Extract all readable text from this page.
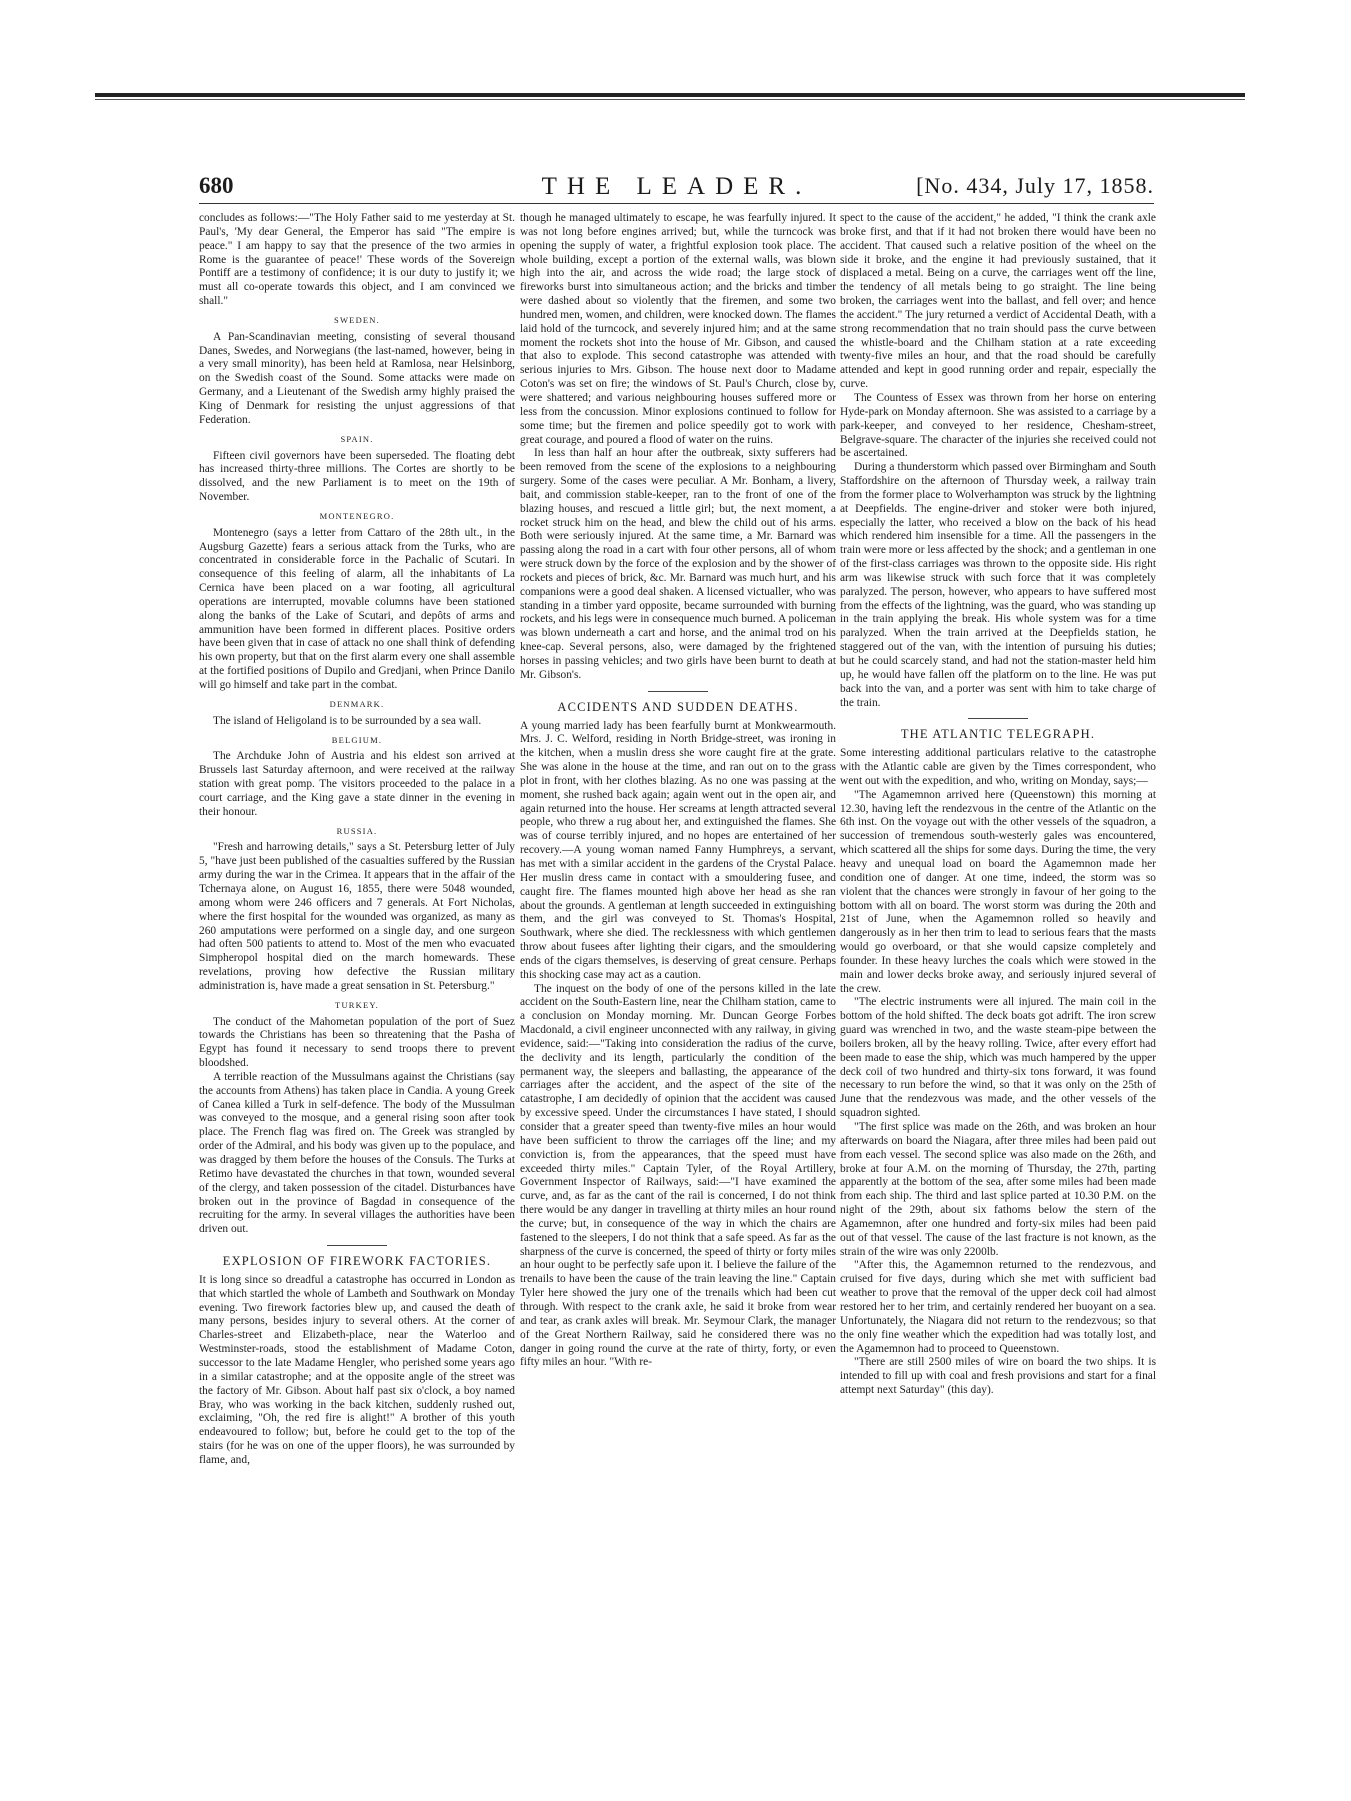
680	THE LEADER.	[No. 434, July 17, 1858.

concludes as follows:—"The Holy Father said to me yesterday at St. Paul's, 'My dear General, the Emperor has said "The empire is peace." I am happy to say that the presence of the two armies in Rome is the guarantee of peace!' These words of the Sovereign Pontiff are a testimony of confidence; it is our duty to justify it; we must all co-operate towards this object, and I am convinced we shall."

SWEDEN.

A Pan-Scandinavian meeting, consisting of several thousand Danes, Swedes, and Norwegians (the last-named, however, being in a very small minority), has been held at Ramlosa, near Helsinborg, on the Swedish coast of the Sound. Some attacks were made on Germany, and a Lieutenant of the Swedish army highly praised the King of Denmark for resisting the unjust aggressions of that Federation.

SPAIN.

Fifteen civil governors have been superseded. The floating debt has increased thirty-three millions. The Cortes are shortly to be dissolved, and the new Parliament is to meet on the 19th of November.

MONTENEGRO.

Montenegro (says a letter from Cattaro of the 28th ult., in the Augsburg Gazette) fears a serious attack from the Turks, who are concentrated in considerable force in the Pachalic of Scutari. In consequence of this feeling of alarm, all the inhabitants of La Cernica have been placed on a war footing, all agricultural operations are interrupted, movable columns have been stationed along the banks of the Lake of Scutari, and depôts of arms and ammunition have been formed in different places. Positive orders have been given that in case of attack no one shall think of defending his own property, but that on the first alarm every one shall assemble at the fortified positions of Dupilo and Gredjani, when Prince Danilo will go himself and take part in the combat.

DENMARK.

The island of Heligoland is to be surrounded by a sea wall.

BELGIUM.

The Archduke John of Austria and his eldest son arrived at Brussels last Saturday afternoon, and were received at the railway station with great pomp. The visitors proceeded to the palace in a court carriage, and the King gave a state dinner in the evening in their honour.

RUSSIA.

"Fresh and harrowing details," says a St. Petersburg letter of July 5, "have just been published of the casualties suffered by the Russian army during the war in the Crimea. It appears that in the affair of the Tchernaya alone, on August 16, 1855, there were 5048 wounded, among whom were 246 officers and 7 generals. At Fort Nicholas, where the first hospital for the wounded was organized, as many as 260 amputations were performed on a single day, and one surgeon had often 500 patients to attend to. Most of the men who evacuated Simpheropol hospital died on the march homewards. These revelations, proving how defective the Russian military administration is, have made a great sensation in St. Petersburg."

TURKEY.

The conduct of the Mahometan population of the port of Suez towards the Christians has been so threatening that the Pasha of Egypt has found it necessary to send troops there to prevent bloodshed.

A terrible reaction of the Mussulmans against the Christians (say the accounts from Athens) has taken place in Candia. A young Greek of Canea killed a Turk in self-defence. The body of the Mussulman was conveyed to the mosque, and a general rising soon after took place. The French flag was fired on. The Greek was strangled by order of the Admiral, and his body was given up to the populace, and was dragged by them before the houses of the Consuls. The Turks at Retimo have devastated the churches in that town, wounded several of the clergy, and taken possession of the citadel. Disturbances have broken out in the province of Bagdad in consequence of the recruiting for the army. In several villages the authorities have been driven out.

EXPLOSION OF FIREWORK FACTORIES.

It is long since so dreadful a catastrophe has occurred in London as that which startled the whole of Lambeth and Southwark on Monday evening. Two firework factories blew up, and caused the death of many persons, besides injury to several others. At the corner of Charles-street and Elizabeth-place, near the Waterloo and Westminster-roads, stood the establishment of Madame Coton, successor to the late Madame Hengler, who perished some years ago in a similar catastrophe; and at the opposite angle of the street was the factory of Mr. Gibson. About half past six o'clock, a boy named Bray, who was working in the back kitchen, suddenly rushed out, exclaiming, "Oh, the red fire is alight!" A brother of this youth endeavoured to follow; but, before he could get to the top of the stairs (for he was on one of the upper floors), he was surrounded by flame, and,

though he managed ultimately to escape, he was fearfully injured. It was not long before engines arrived; but, while the turncock was opening the supply of water, a frightful explosion took place. The whole building, except a portion of the external walls, was blown high into the air, and across the wide road; the large stock of fireworks burst into simultaneous action; and the bricks and timber were dashed about so violently that the firemen, and some two hundred men, women, and children, were knocked down. The flames laid hold of the turncock, and severely injured him; and at the same moment the rockets shot into the house of Mr. Gibson, and caused that also to explode. This second catastrophe was attended with serious injuries to Mrs. Gibson. The house next door to Madame Coton's was set on fire; the windows of St. Paul's Church, close by, were shattered; and various neighbouring houses suffered more or less from the concussion. Minor explosions continued to follow for some time; but the firemen and police speedily got to work with great courage, and poured a flood of water on the ruins.

In less than half an hour after the outbreak, sixty sufferers had been removed from the scene of the explosions to a neighbouring surgery. Some of the cases were peculiar. A Mr. Bonham, a livery, bait, and commission stable-keeper, ran to the front of one of the blazing houses, and rescued a little girl; but, the next moment, a rocket struck him on the head, and blew the child out of his arms. Both were seriously injured. At the same time, a Mr. Barnard was passing along the road in a cart with four other persons, all of whom were struck down by the force of the explosion and by the shower of rockets and pieces of brick, &c. Mr. Barnard was much hurt, and his companions were a good deal shaken. A licensed victualler, who was standing in a timber yard opposite, became surrounded with burning rockets, and his legs were in consequence much burned. A policeman was blown underneath a cart and horse, and the animal trod on his knee-cap. Several persons, also, were damaged by the frightened horses in passing vehicles; and two girls have been burnt to death at Mr. Gibson's.

ACCIDENTS AND SUDDEN DEATHS.

A young married lady has been fearfully burnt at Monkwearmouth. Mrs. J. C. Welford, residing in North Bridge-street, was ironing in the kitchen, when a muslin dress she wore caught fire at the grate. She was alone in the house at the time, and ran out on to the grass plot in front, with her clothes blazing. As no one was passing at the moment, she rushed back again; again went out in the open air, and again returned into the house. Her screams at length attracted several people, who threw a rug about her, and extinguished the flames. She was of course terribly injured, and no hopes are entertained of her recovery.—A young woman named Fanny Humphreys, a servant, has met with a similar accident in the gardens of the Crystal Palace. Her muslin dress came in contact with a smouldering fusee, and caught fire. The flames mounted high above her head as she ran about the grounds. A gentleman at length succeeded in extinguishing them, and the girl was conveyed to St. Thomas's Hospital, Southwark, where she died. The recklessness with which gentlemen throw about fusees after lighting their cigars, and the smouldering ends of the cigars themselves, is deserving of great censure. Perhaps this shocking case may act as a caution.

The inquest on the body of one of the persons killed in the late accident on the South-Eastern line, near the Chilham station, came to a conclusion on Monday morning. Mr. Duncan George Forbes Macdonald, a civil engineer unconnected with any railway, in giving evidence, said:—"Taking into consideration the radius of the curve, the declivity and its length, particularly the condition of the permanent way, the sleepers and ballasting, the appearance of the carriages after the accident, and the aspect of the site of the catastrophe, I am decidedly of opinion that the accident was caused by excessive speed. Under the circumstances I have stated, I should consider that a greater speed than twenty-five miles an hour would have been sufficient to throw the carriages off the line; and my conviction is, from the appearances, that the speed must have exceeded thirty miles." Captain Tyler, of the Royal Artillery, Government Inspector of Railways, said:—"I have examined the curve, and, as far as the cant of the rail is concerned, I do not think there would be any danger in travelling at thirty miles an hour round the curve; but, in consequence of the way in which the chairs are fastened to the sleepers, I do not think that a safe speed. As far as the sharpness of the curve is concerned, the speed of thirty or forty miles an hour ought to be perfectly safe upon it. I believe the failure of the trenails to have been the cause of the train leaving the line." Captain Tyler here showed the jury one of the trenails which had been cut through. With respect to the crank axle, he said it broke from wear and tear, as crank axles will break. Mr. Seymour Clark, the manager of the Great Northern Railway, said he considered there was no danger in going round the curve at the rate of thirty, forty, or even fifty miles an hour. "With re-

spect to the cause of the accident," he added, "I think the crank axle broke first, and that if it had not broken there would have been no accident. That caused such a relative position of the wheel on the side it broke, and the engine it had previously sustained, that it displaced a metal. Being on a curve, the carriages went off the line, the tendency of all metals being to go straight. The line being broken, the carriages went into the ballast, and fell over; and hence the accident." The jury returned a verdict of Accidental Death, with a strong recommendation that no train should pass the curve between the whistle-board and the Chilham station at a rate exceeding twenty-five miles an hour, and that the road should be carefully attended and kept in good running order and repair, especially the curve.

The Countess of Essex was thrown from her horse on entering Hyde-park on Monday afternoon. She was assisted to a carriage by a park-keeper, and conveyed to her residence, Chesham-street, Belgrave-square. The character of the injuries she received could not be ascertained.

During a thunderstorm which passed over Birmingham and South Staffordshire on the afternoon of Thursday week, a railway train from the former place to Wolverhampton was struck by the lightning at Deepfields. The engine-driver and stoker were both injured, especially the latter, who received a blow on the back of his head which rendered him insensible for a time. All the passengers in the train were more or less affected by the shock; and a gentleman in one of the first-class carriages was thrown to the opposite side. His right arm was likewise struck with such force that it was completely paralyzed. The person, however, who appears to have suffered most from the effects of the lightning, was the guard, who was standing up in the train applying the break. His whole system was for a time paralyzed. When the train arrived at the Deepfields station, he staggered out of the van, with the intention of pursuing his duties; but he could scarcely stand, and had not the station-master held him up, he would have fallen off the platform on to the line. He was put back into the van, and a porter was sent with him to take charge of the train.

THE ATLANTIC TELEGRAPH.

Some interesting additional particulars relative to the catastrophe with the Atlantic cable are given by the Times correspondent, who went out with the expedition, and who, writing on Monday, says;—

"The Agamemnon arrived here (Queenstown) this morning at 12.30, having left the rendezvous in the centre of the Atlantic on the 6th inst. On the voyage out with the other vessels of the squadron, a succession of tremendous south-westerly gales was encountered, which scattered all the ships for some days. During the time, the very heavy and unequal load on board the Agamemnon made her condition one of danger. At one time, indeed, the storm was so violent that the chances were strongly in favour of her going to the bottom with all on board. The worst storm was during the 20th and 21st of June, when the Agamemnon rolled so heavily and dangerously as in her then trim to lead to serious fears that the masts would go overboard, or that she would capsize completely and founder. In these heavy lurches the coals which were stowed in the main and lower decks broke away, and seriously injured several of the crew.

"The electric instruments were all injured. The main coil in the bottom of the hold shifted. The deck boats got adrift. The iron screw guard was wrenched in two, and the waste steam-pipe between the boilers broken, all by the heavy rolling. Twice, after every effort had been made to ease the ship, which was much hampered by the upper deck coil of two hundred and thirty-six tons forward, it was found necessary to run before the wind, so that it was only on the 25th of June that the rendezvous was made, and the other vessels of the squadron sighted.

"The first splice was made on the 26th, and was broken an hour afterwards on board the Niagara, after three miles had been paid out from each vessel. The second splice was also made on the 26th, and broke at four A.M. on the morning of Thursday, the 27th, parting apparently at the bottom of the sea, after some miles had been made from each ship. The third and last splice parted at 10.30 P.M. on the night of the 29th, about six fathoms below the stern of the Agamemnon, after one hundred and forty-six miles had been paid out of that vessel. The cause of the last fracture is not known, as the strain of the wire was only 2200lb.

"After this, the Agamemnon returned to the rendezvous, and cruised for five days, during which she met with sufficient bad weather to prove that the removal of the upper deck coil had almost restored her to her trim, and certainly rendered her buoyant on a sea. Unfortunately, the Niagara did not return to the rendezvous; so that the only fine weather which the expedition had was totally lost, and the Agamemnon had to proceed to Queenstown.

"There are still 2500 miles of wire on board the two ships. It is intended to fill up with coal and fresh provisions and start for a final attempt next Saturday" (this day).
